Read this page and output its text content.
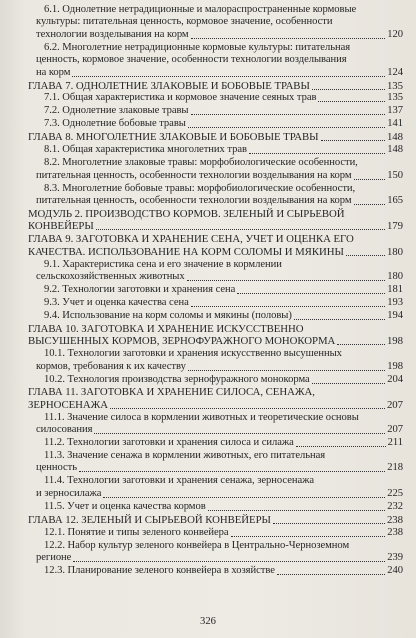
6.1. Однолетние нетрадиционные и малораспространенные кормовые
культуры: питательная ценность, кормовое значение, особенности
технологии возделывания на корм	120
6.2. Многолетние нетрадиционные кормовые культуры: питательная
ценность, кормовое значение, особенности технологии возделывания
на корм	124
ГЛАВА 7. ОДНОЛЕТНИЕ ЗЛАКОВЫЕ И БОБОВЫЕ ТРАВЫ	135
7.1. Общая характеристика и кормовое значение сеяных трав	135
7.2. Однолетние злаковые травы	137
7.3. Однолетние бобовые травы	141
ГЛАВА 8. МНОГОЛЕТНИЕ ЗЛАКОВЫЕ И БОБОВЫЕ ТРАВЫ	148
8.1. Общая характеристика многолетних трав	148
8.2. Многолетние злаковые травы: морфобиологические особенности,
питательная ценность, особенности технологии возделывания на корм	150
8.3. Многолетние бобовые травы: морфобиологические особенности,
питательная ценность, особенности технологии возделывания на корм	165
МОДУЛЬ 2. ПРОИЗВОДСТВО КОРМОВ. ЗЕЛЕНЫЙ И СЫРЬЕВОЙ
КОНВЕЙЕРЫ	179
ГЛАВА 9. ЗАГОТОВКА И ХРАНЕНИЕ СЕНА, УЧЕТ И ОЦЕНКА ЕГО
КАЧЕСТВА. ИСПОЛЬЗОВАНИЕ НА КОРМ СОЛОМЫ И МЯКИНЫ	180
9.1. Характеристика сена и его значение в кормлении
сельскохозяйственных животных	180
9.2. Технологии заготовки и хранения сена	181
9.3. Учет и оценка качества сена	193
9.4. Использование на корм соломы и мякины (половы)	194
ГЛАВА 10. ЗАГОТОВКА И ХРАНЕНИЕ ИСКУССТВЕННО
ВЫСУШЕННЫХ КОРМОВ, ЗЕРНОФУРАЖНОГО МОНОКОРМА	198
10.1. Технологии заготовки и хранения искусственно высушенных
кормов, требования к их качеству	198
10.2. Технология производства зернофуражного монокорма	204
ГЛАВА 11. ЗАГОТОВКА И ХРАНЕНИЕ СИЛОСА, СЕНАЖА,
ЗЕРНОСЕНАЖА	207
11.1. Значение силоса в кормлении животных и теоретические основы
силосования	207
11.2. Технологии заготовки и хранения силоса и силажа	211
11.3. Значение сенажа в кормлении животных, его питательная
ценность	218
11.4. Технологии заготовки и хранения сенажа, зерносенажа
и зерносилажа	225
11.5. Учет и оценка качества кормов	232
ГЛАВА 12. ЗЕЛЕНЫЙ И СЫРЬЕВОЙ КОНВЕЙЕРЫ	238
12.1. Понятие и типы зеленого конвейера	238
12.2. Набор культур зеленого конвейера в Центрально-Черноземном
регионе	239
12.3. Планирование зеленого конвейера в хозяйстве	240
326
